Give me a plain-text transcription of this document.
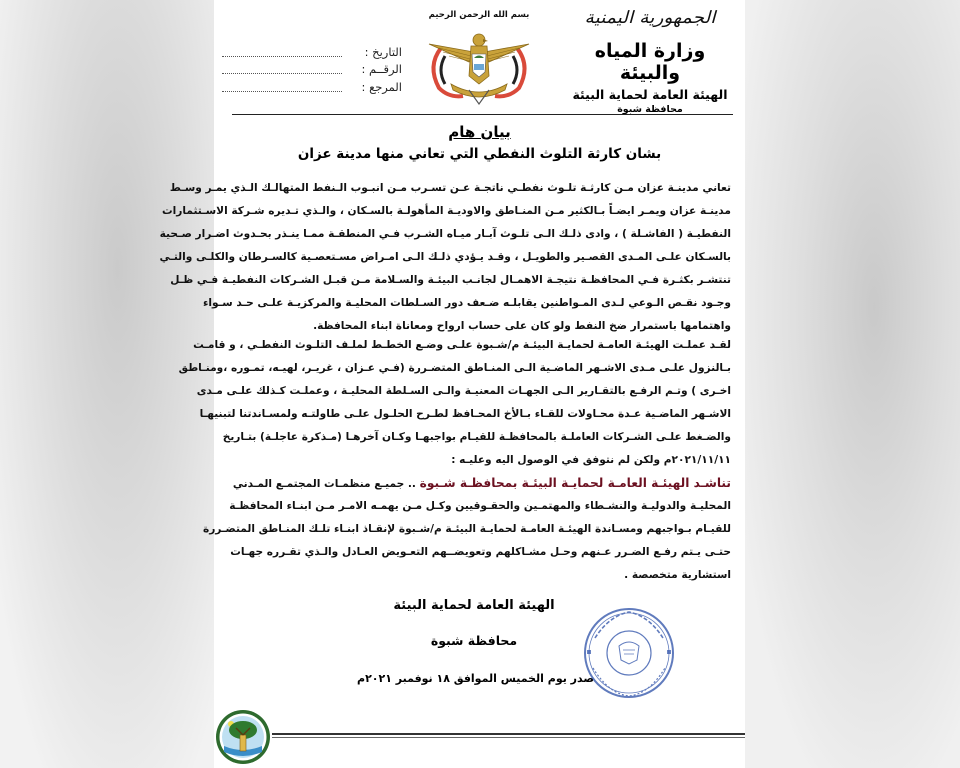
الجمهورية اليمنية
وزارة المياه والبيئة
الهيئة العامة لحماية البيئة
محافظة شبوة
بسم الله الرحمن الرحيم
التاريخ :
الرقــم :
المرجع :
بيان هام
بشان كارثة التلوث النفطي التي تعاني منها مدينة عزان
تعاني مدينـة عزان مـن كارثـة تلـوث نفطـي ناتجـة عـن تسـرب مـن انبـوب الـنفط المتهالـك الـذي يمـر وسـط
مدينـة عزان ويمـر ايضـاً بـالكثير مـن المنـاطق والاوديـة المأهولـة بالسـكان ، والـذي تـديره شـركة الاسـتثمارات
النفطيـة ( الفاشـلة ) ، وادى ذلـك الـى تلـوث آبـار ميـاه الشـرب فـي المنطقـة ممـا ينـذر بحـدوث اضـرار صـحية
بالسـكان علـى المـدى القصـير والطويـل ، وقـد يـؤدي ذلـك الـى امـراض مسـتعصـية كالسـرطان والكلـى والتـي
تنتشـر بكثـرة فـي المحافظـة نتيجـة الاهمـال لجانـب البيئـة والسـلامة مـن قبـل الشـركات النفطيـة فـي ظـل
وجـود نقـص الـوعي لـدى المـواطنين يقابلـه ضـعف دور السـلطات المحليـة والمركزيـة علـى حـد سـواء
واهتمامها باستمرار ضخ النفط ولو كان على حساب ارواح ومعاناة ابناء المحافظة.
لقـد عملـت الهيئـة العامـة لحمايـة البيئـة م/شـبوة علـى وضـع الخطـط لملـف التلـوث النفطـي ، و قامـت
بـالنزول علـى مـدى الاشـهر الماضـية الـى المنـاطق المتضـررة (فـي عـزان ، غريـر، لهيـه، تمـوره ،ومنـاطق
اخـرى ) وتـم الرفـع بالتقـارير الـى الجهـات المعنيـة والـى السـلطة المحليـة ، وعملـت كـذلك علـى مـدى
الاشـهر الماضـية عـدة محـاولات للقـاء بـالأخ المحـافظ لطـرح الحلـول علـى طاولتـه ولمسـاندتنا لتبنيهـا
والضـغط علـى الشـركات العاملـة بالمحافظـة للقيـام بواجبهـا وكـان آخرهـا (مـذكرة عاجلـة) بتـاريخ
٢٠٢١/١١/١١م ولكن لم نتوفق في الوصول اليه وعليـه :
تناشـد الهيئـة العامـة لحمايـة البيئـة بمحافظـة شـبوة .. جميـع منظمـات المجتمـع المـدني
المحليـة والدوليـة والنشـطاء والمهتمـين والحقـوقيين وكـل مـن يهمـه الامـر مـن ابنـاء المحافظـة
للقيـام بـواجبهم ومسـاندة الهيئـة العامـة لحمايـة البيئـة م/شـبوة لإنقـاذ ابنـاء تلـك المنـاطق المتضـررة
حتـى يـتم رفـع الضـرر عـنهم وحـل مشـاكلهم وتعويضــهم التعـويض العـادل والـذي تقـرره جهـات
استشارية متخصصة .
الهيئة العامة لحماية البيئة
محافظة شبوة
صدر يوم الخميس الموافق ١٨ نوفمبر ٢٠٢١م
